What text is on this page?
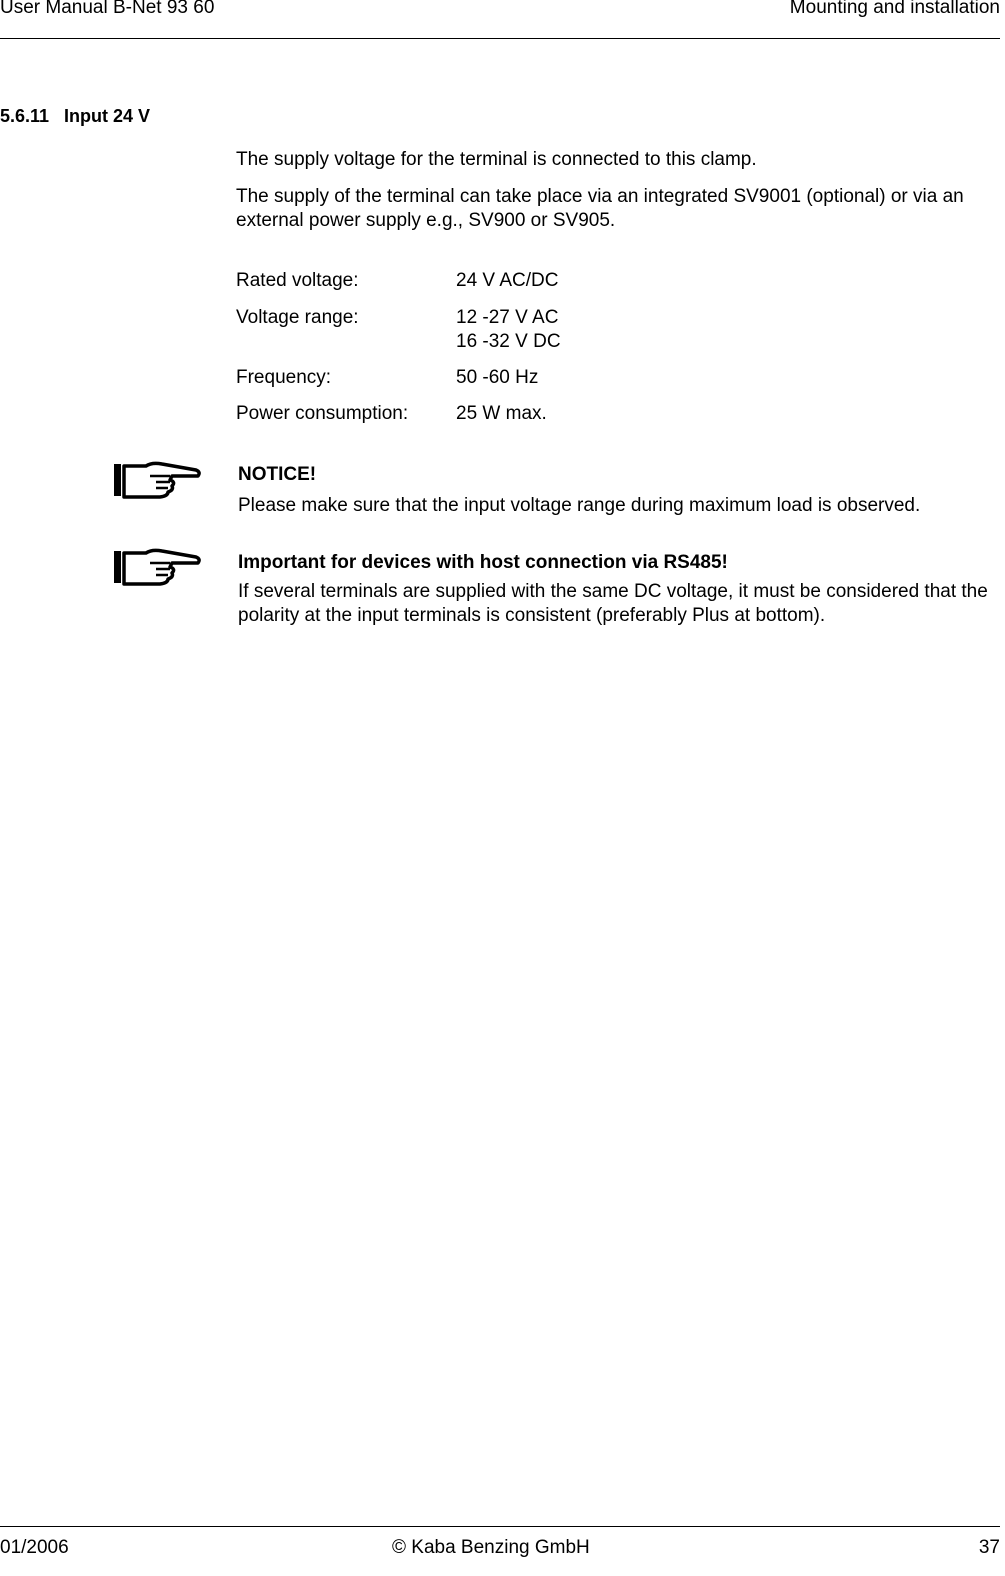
User Manual B-Net 93 60	Mounting and installation
5.6.11   Input 24 V
The supply voltage for the terminal is connected to this clamp.
The supply of the terminal can take place via an integrated SV9001 (optional) or via an external power supply e.g., SV900 or SV905.
Rated voltage:	24 V AC/DC
Voltage range:	12 -27 V AC
16 -32 V DC
Frequency:	50 -60 Hz
Power consumption:	25 W max.
NOTICE!
Please make sure that the input voltage range during maximum load is observed.
Important for devices with host connection via RS485!
If several terminals are supplied with the same DC voltage, it must be considered that the polarity at the input terminals is consistent (preferably Plus at bottom).
01/2006	© Kaba Benzing GmbH	37
